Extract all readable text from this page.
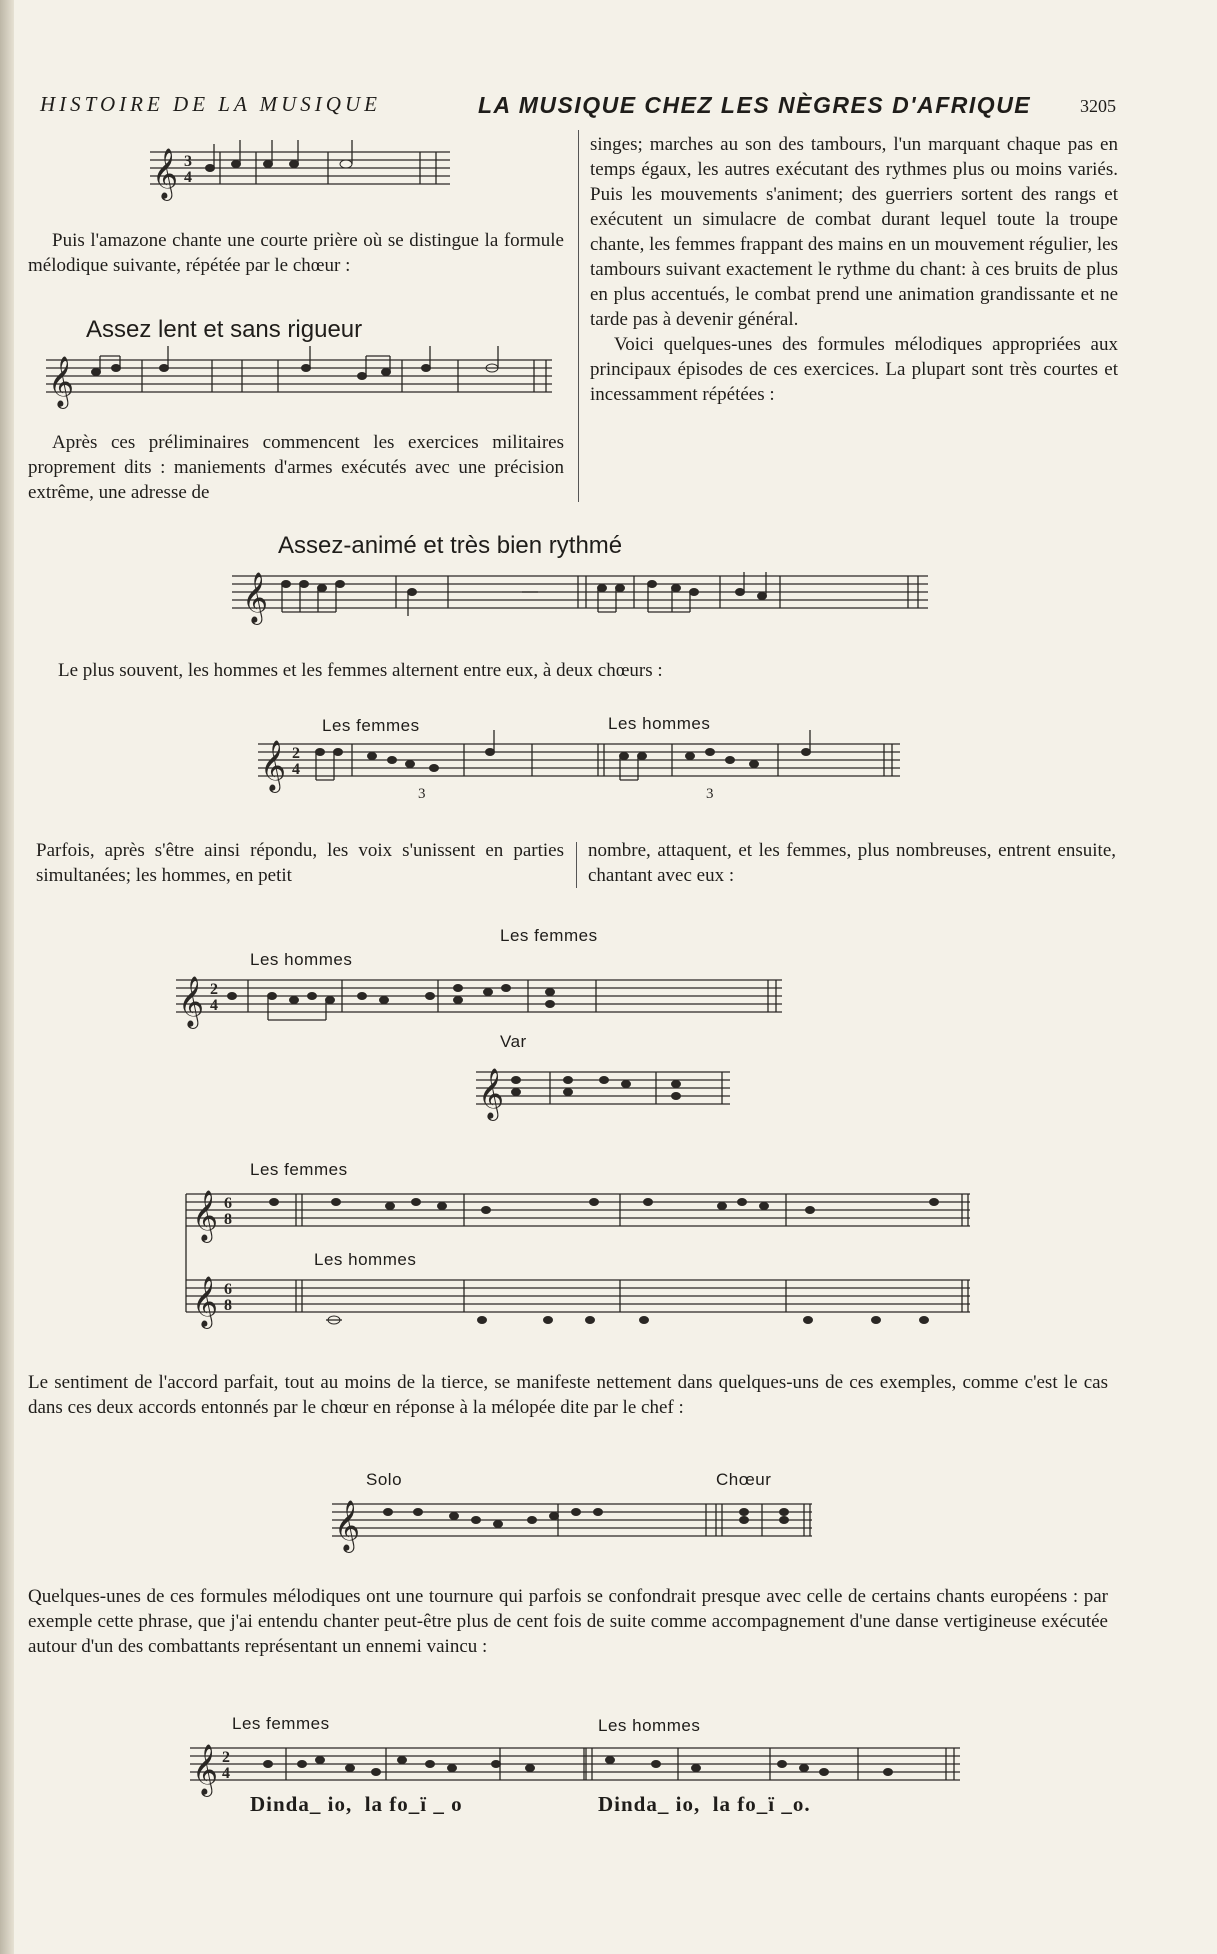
HISTOIRE DE LA MUSIQUE	LA MUSIQUE CHEZ LES NÈGRES D'AFRIQUE	3205
𝄞 3
4

Puis l'amazone chante une courte prière où se distingue la formule mélodique suivante, répétée par le chœur :

Assez lent et sans rigueur
𝄞

Après ces préliminaires commencent les exercices militaires proprement dits : maniements d'armes exécutés avec une précision extrême, une adresse de

singes; marches au son des tambours, l'un marquant chaque pas en temps égaux, les autres exécutant des rythmes plus ou moins variés. Puis les mouvements s'animent; des guerriers sortent des rangs et exécutent un simulacre de combat durant lequel toute la troupe chante, les femmes frappant des mains en un mouvement régulier, les tambours suivant exactement le rythme du chant: à ces bruits de plus en plus accentués, le combat prend une animation grandissante et ne tarde pas à devenir général.

Voici quelques-unes des formules mélodiques appropriées aux principaux épisodes de ces exercices. La plupart sont très courtes et incessamment répétées :

Assez-animé et très bien rythmé
𝄞
Le plus souvent, les hommes et les femmes alternent entre eux, à deux chœurs :
Les femmes	Les hommes
𝄞 2
4
3	3
Parfois, après s'être ainsi répondu, les voix s'unissent en parties simultanées; les hommes, en petit
nombre, attaquent, et les femmes, plus nombreuses, entrent ensuite, chantant avec eux :
Les femmes
Les hommes
𝄞 2
4
Var
𝄞
Les femmes
𝄞 6
8
Les hommes
𝄞 6
8
Le sentiment de l'accord parfait, tout au moins de la tierce, se manifeste nettement dans quelques-uns de ces exemples, comme c'est le cas dans ces deux accords entonnés par le chœur en réponse à la mélopée dite par le chef :
Solo	Chœur
𝄞
Quelques-unes de ces formules mélodiques ont une tournure qui parfois se confondrait presque avec celle de certains chants européens : par exemple cette phrase, que j'ai entendu chanter peut-être plus de cent fois de suite comme accompagnement d'une danse vertigineuse exécutée autour d'un des combattants représentant un ennemi vaincu :
Les femmes	Les hommes
𝄞 2
4
Dinda_ io,  la fo_ï _ o	Dinda_ io,  la fo_ï _o.
